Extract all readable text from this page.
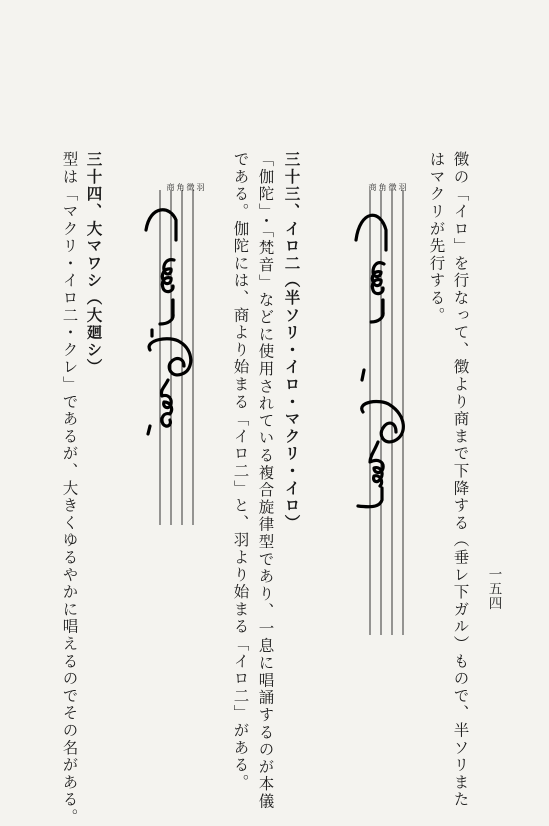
一五四
徴の「イロ」を行なって、徴より商まで下降する（垂レ下ガル）もので、半ソリまた
はマクリが先行する。
羽
徴
角
商
三十三、イロ二（半ソリ・イロ・マクリ・イロ）
「伽陀」・「梵音」などに使用されている複合旋律型であり、一息に唱誦するのが本儀
である。伽陀には、商より始まる「イロ二」と、羽より始まる「イロ二」がある。
三十四、大マワシ（大廻シ）
型は「マクリ・イロ二・クレ」であるが、大きくゆるやかに唱えるのでその名がある。	羽
徴
角
商
